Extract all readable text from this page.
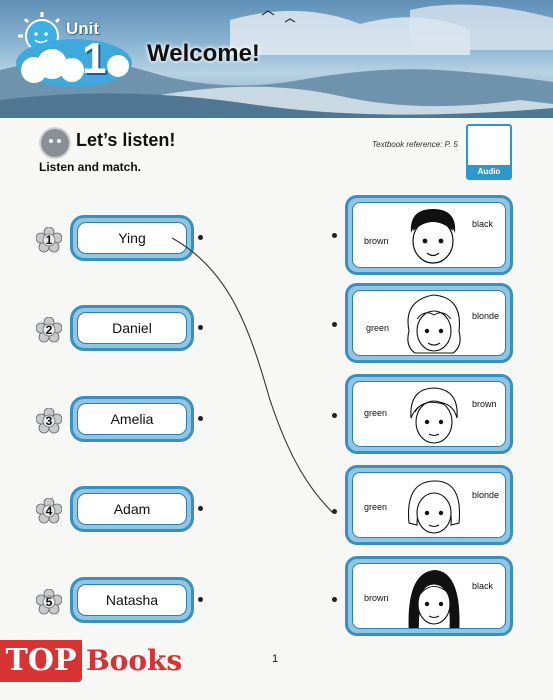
Unit
1 Welcome!
Let’s listen!
Listen and match.
Textbook reference: P. 5
Audio
1	Ying
2	Daniel
3	Amelia
4	Adam
5	Natasha
brown
black
green
blonde
green
brown
green
blonde
brown
black
1
TOP Books
